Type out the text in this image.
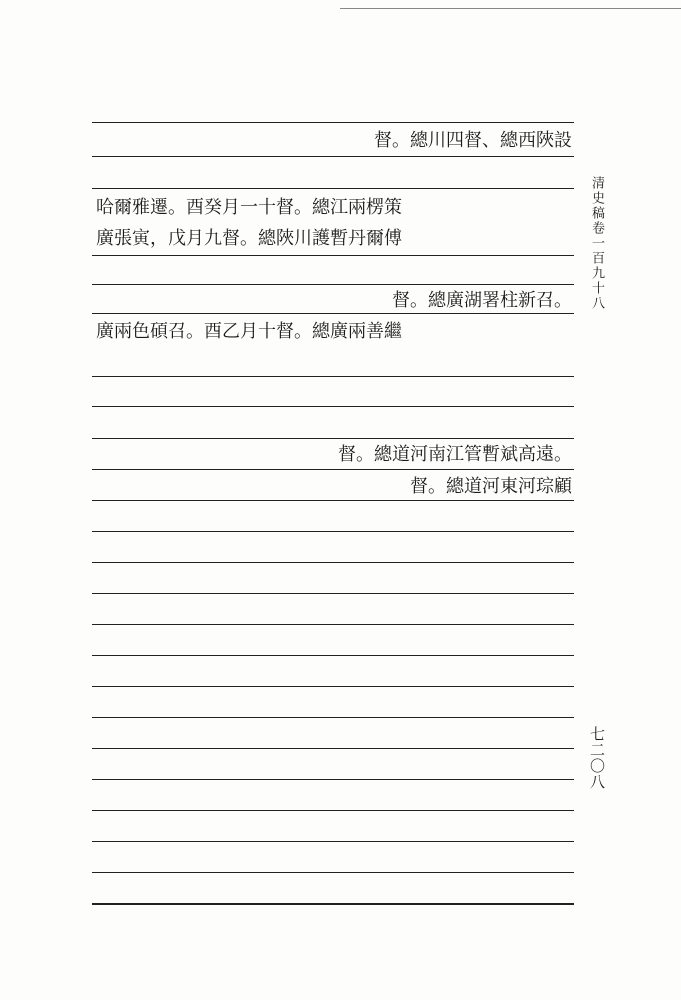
督。總川四督、總西陜設
哈爾雅遷。酉癸月一十督。總江兩楞策
廣張寅，戊月九督。總陜川護暫丹爾傅
督。總廣湖署柱新召。
廣兩色碩召。酉乙月十督。總廣兩善繼
督。總道河南江管暫斌高遠。
督。總道河東河琮顧
清史稿卷一百九十八
七二〇八
